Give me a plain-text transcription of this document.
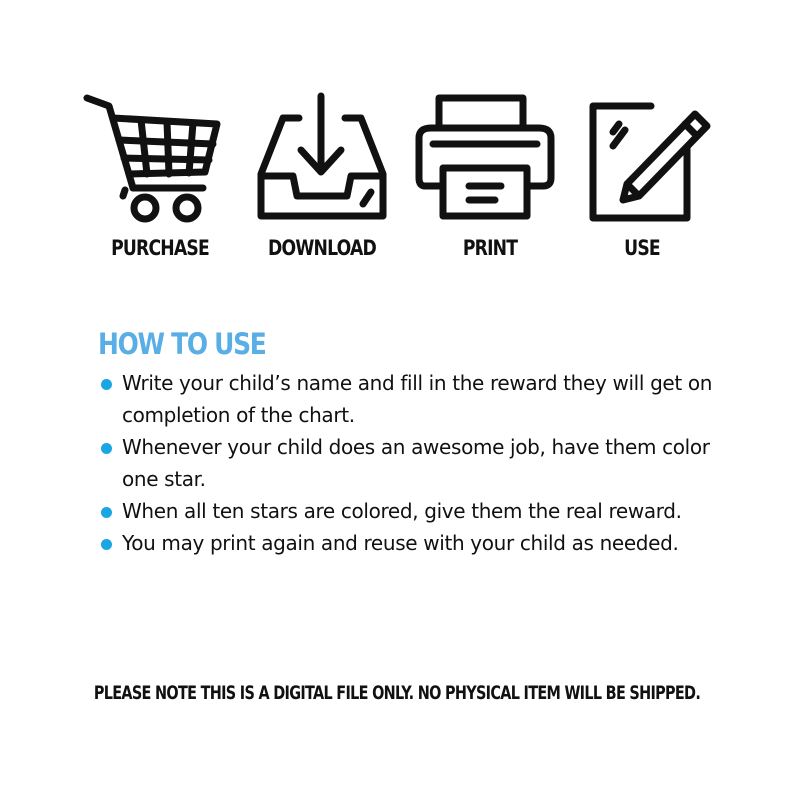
PURCHASE	DOWNLOAD	PRINT	USE
HOW TO USE
Write your child’s name and fill in the reward they will get on completion of the chart.
Whenever your child does an awesome job, have them color one star.
When all ten stars are colored, give them the real reward.
You may print again and reuse with your child as needed.
PLEASE NOTE THIS IS A DIGITAL FILE ONLY. NO PHYSICAL ITEM WILL BE SHIPPED.
